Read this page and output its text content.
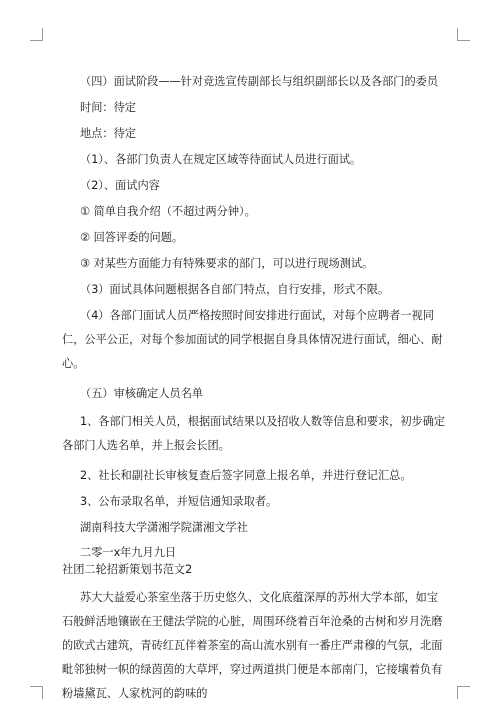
（四）面试阶段——针对竞选宣传副部长与组织副部长以及各部门的委员

时间：待定

地点：待定

（1）、各部门负责人在规定区域等待面试人员进行面试。

（2）、面试内容

① 简单自我介绍（不超过两分钟）。

② 回答评委的问题。

③ 对某些方面能力有特殊要求的部门，可以进行现场测试。

（3）面试具体问题根据各自部门特点，自行安排，形式不限。

（4）各部门面试人员严格按照时间安排进行面试，对每个应聘者一视同仁，公平公正，对每个参加面试的同学根据自身具体情况进行面试，细心、耐心。

（五）审核确定人员名单

1、各部门相关人员，根据面试结果以及招收人数等信息和要求，初步确定各部门人选名单，并上报会长团。

2、社长和副社长审核复查后签字同意上报名单，并进行登记汇总。

3、公布录取名单，并短信通知录取者。

湖南科技大学潇湘学院潇湘文学社

二零一x年九月九日

社团二轮招新策划书范文2

苏大大益爱心茶室坐落于历史悠久、文化底蕴深厚的苏州大学本部，如宝石般鲜活地镶嵌在王健法学院的心脏，周围环绕着百年沧桑的古树和岁月洗磨的欧式古建筑，青砖红瓦伴着茶室的高山流水别有一番庄严肃穆的气氛，北面毗邻独树一帜的绿茵茵的大草坪，穿过两道拱门便是本部南门，它接壤着负有粉墙黛瓦、人家枕河的韵味的
